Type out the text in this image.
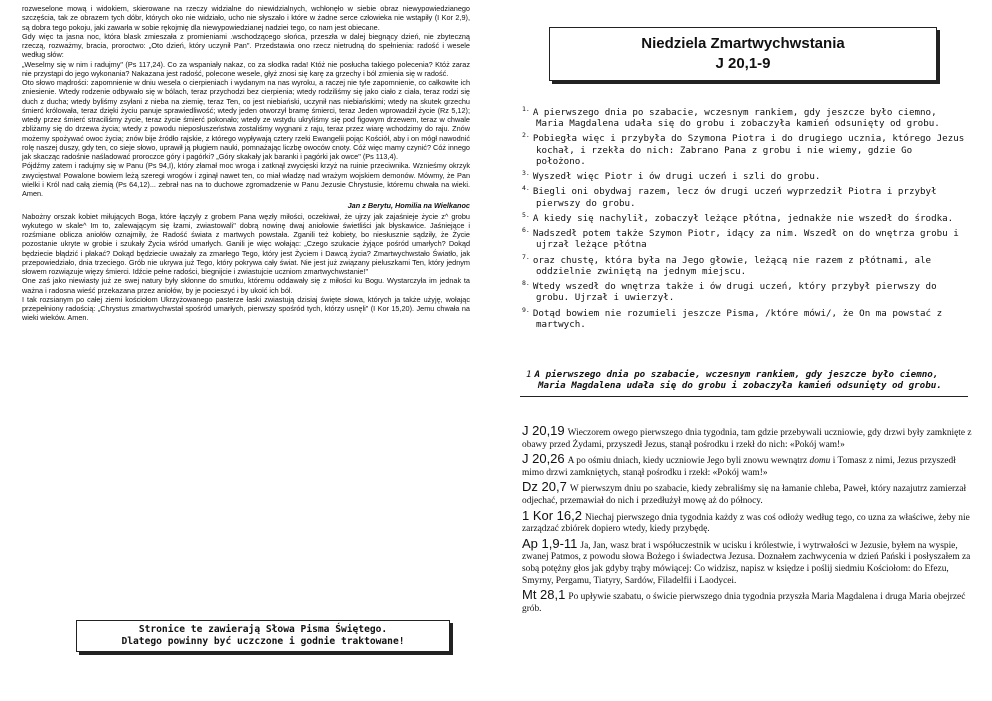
rozweselone mową i widokiem, skierowane na rzeczy widzialne do niewidzialnych, wchłonęło w siebie obraz niewypowiedzianego szczęścia, tak ze obrazem tych dóbr, których oko nie widziało, ucho nie słyszało i które w żadne serce człowieka nie wstąpiły (I Kor 2,9), są dobra tego pokoju, jaki zawarła w sobie rękojmię dla niewypowiedzianej nadziei tego, co nam jest obiecane.

Gdy więc ta jasna noc, która blask zmieszała z promieniami .wschodzącego słońca, przeszła w dalej biegnący dzień, nie zbyteczną rzeczą, rozważmy, bracia, proroctwo: „Oto dzień, który uczynił Pan". Przedstawia ono rzecz nietrudną do spełnienia: radość i wesele według słów:

„Weselmy się w nim i radujmy" (Ps 117,24). Co za wspaniały nakaz, co za słodka rada! Któż nie posłucha takiego polecenia? Któż zaraz nie przystąpi do jego wykonania? Nakazana jest radość, polecone wesele, głyż znosi się karę za grzechy i ból zmienia się w radość.

Oto słowo mądrości: zapomnienie w dniu wesela o cierpieniach i wydanym na nas wyroku, a raczej nie tyle zapomnienie, co całkowite ich zniesienie. Wtedy rodzenie odbywało się w bólach, teraz przychodzi bez cierpienia; wtedy rodziliśmy się jako ciało z ciała, teraz rodzi się duch z ducha; wtedy byliśmy zsyłani z nieba na ziemię, teraz Ten, co jest niebiański, uczynił nas niebiańskimi; wtedy na skutek grzechu śmierć królowała, teraz dzięki życiu panuje sprawiedliwość; wtedy jeden otworzył bramę śmierci, teraz Jeden wprowadził życie (Rz 5,12); wtedy przez śmierć straciliśmy życie, teraz życie śmierć pokonało; wtedy ze wstydu ukryliśmy się pod figowym drzewem, teraz w chwale zbliżamy się do drzewa życia; wtedy z powodu nieposłuszeństwa zostaliśmy wygnani z raju, teraz przez wiarę wchodzimy do raju. Znów możemy spożywać owoc życia; znów bije źródło rajskie, z którego wypływają cztery rzeki Ewangelii pojąc Kościół, aby i on mógł nawodnić rolę naszej duszy, gdy ten, co sieje słowo, uprawił ją pługiem nauki, pomnażając liczbę owoców cnoty. Cóż więc mamy czynić? Cóż innego jak skacząc radośnie naśladować proroczce góry i pagórki? „Góry skakały jak baranki i pagórki jak owce" (Ps 113,4).

Pójdźmy zatem i radujmy się w Panu (Ps 94,I), który złamał moc wroga i zatknął zwycięski krzyż na ruinie przeciwnika. Wznieśmy okrzyk zwycięstwa! Powalone bowiem leżą szeregi wrogów i zginął nawet ten, co miał władzę nad wrażym wojskiem demonów. Mówmy, że Pan wielki i Król nad całą ziemią (Ps 64,12)... zebrał nas na to duchowe zgromadzenie w Panu Jezusie Chrystusie, któremu chwała na wieki. Amen.

Jan z Berytu, Homilia na Wielkanoc

Nabożny orszak kobiet miłujących Boga, które łączyły z grobem Pana węzły miłości, oczekiwał, że ujrzy jak zajaśnieje życie z^ grobu wykutego w skale^ Im to, zalewającym się łzami, zwiastowali" dobrą nowinę dwaj aniołowie świetliści jak błyskawice. Jaśniejące i rozśmiane oblicza aniołów oznajmiły, że Radość świata z martwych powstała. Zganili też kobiety, bo niesłusznie sądziły, że Życie pozostanie ukryte w grobie i szukały Życia wśród umarłych. Ganili je więc wołając: „Czego szukacie żyjące pośród umarłych? Dokąd będziecie błądzić i płakać? Dokąd będziecie uważały za zmarłego Tego, który jest Życiem i Dawcą życia? Zmartwychwstało Światło, jak przepowiedziało, dnia trzeciego. Grób nie ukrywa już Tego, który pokrywa cały świat. Nie jest już związany pieluszkami Ten, który jednym słowem rozwiązuje więzy śmierci. Idźcie pełne radości, biegnijcie i zwiastujcie uczniom zmartwychwstanie!"

One zaś jako niewiasty już ze swej natury były skłonne do smutku, któremu oddawały się z miłości ku Bogu. Wystarczyła im jednak ta ważna i radosna wieść przekazana przez aniołów, by je pocieszyć i by ukoić ich ból.

I tak rozsianym po całej ziemi kościołom Ukrzyżowanego pasterze łaski zwiastują dzisiaj święte słowa, których ja także użyję, wołając przepełniony radością: „Chrystus zmartwychwstał spośród umarłych, pierwszy spośród tych, którzy usnęli" (I Kor 15,20). Jemu chwała na wieki wieków. Amen.

Stronice te zawierają Słowa Pisma Świętego.
Dlatego powinny być uczczone i godnie traktowane!
Niedziela Zmartwychwstania
J 20,1-9
$^{1.}$ A pierwszego dnia po szabacie, wczesnym rankiem, gdy jeszcze było ciemno, Maria Magdalena udała się do grobu i zobaczyła kamień odsunięty od grobu.
$^{2.}$ Pobiegła więc i przybyła do Szymona Piotra i do drugiego ucznia, którego Jezus kochał, i rzekła do nich: Zabrano Pana z grobu i nie wiemy, gdzie Go położono.
$^{3.}$ Wyszedł więc Piotr i ów drugi uczeń i szli do grobu.
$^{4.}$ Biegli oni obydwaj razem, lecz ów drugi uczeń wyprzedził Piotra i przybył pierwszy do grobu.
$^{5.}$ A kiedy się nachylił, zobaczył leżące płótna, jednakże nie wszedł do środka.
$^{6.}$ Nadszedł potem także Szymon Piotr, idący za nim. Wszedł on do wnętrza grobu i ujrzał leżące płótna
$^{7.}$ oraz chustę, która była na Jego głowie, leżącą nie razem z płótnami, ale oddzielnie zwiniętą na jednym miejscu.
$^{8.}$ Wtedy wszedł do wnętrza także i ów drugi uczeń, który przybył pierwszy do grobu. Ujrzał i uwierzył.
$^{9.}$ Dotąd bowiem nie rozumieli jeszcze Pisma, /które mówi/, że On ma powstać z martwych.
1 A pierwszego dnia po szabacie, wczesnym rankiem, gdy jeszcze było ciemno, Maria Magdalena udała się do grobu i zobaczyła kamień odsunięty od grobu.
J 20,19 Wieczorem owego pierwszego dnia tygodnia, tam gdzie przebywali uczniowie, gdy drzwi były zamknięte z obawy przed Żydami, przyszedł Jezus, stanął pośrodku i rzekł do nich: «Pokój wam!»
J 20,26 A po ośmiu dniach, kiedy uczniowie Jego byli znowu wewnątrz domu i Tomasz z nimi, Jezus przyszedł mimo drzwi zamkniętych, stanął pośrodku i rzekł: «Pokój wam!»
Dz 20,7 W pierwszym dniu po szabacie, kiedy zebraliśmy się na łamanie chleba, Paweł, który nazajutrz zamierzał odjechać, przemawiał do nich i przedłużył mowę aż do północy.
1 Kor 16,2 Niechaj pierwszego dnia tygodnia każdy z was coś odłoży według tego, co uzna za właściwe, żeby nie zarządzać zbiórek dopiero wtedy, kiedy przybędę.
Ap 1,9-11 Ja, Jan, wasz brat i współuczestnik w ucisku i królestwie, i wytrwałości w Jezusie, byłem na wyspie, zwanej Patmos, z powodu słowa Bożego i świadectwa Jezusa. Doznałem zachwycenia w dzień Pański i posłyszałem za sobą potężny głos jak gdyby trąby mówiącej: Co widzisz, napisz w księdze i poślij siedmiu Kościołom: do Efezu, Smyrny, Pergamu, Tiatyry, Sardów, Filadelfii i Laodycei.
Mt 28,1 Po upływie szabatu, o świcie pierwszego dnia tygodnia przyszła Maria Magdalena i druga Maria obejrzeć grób.
